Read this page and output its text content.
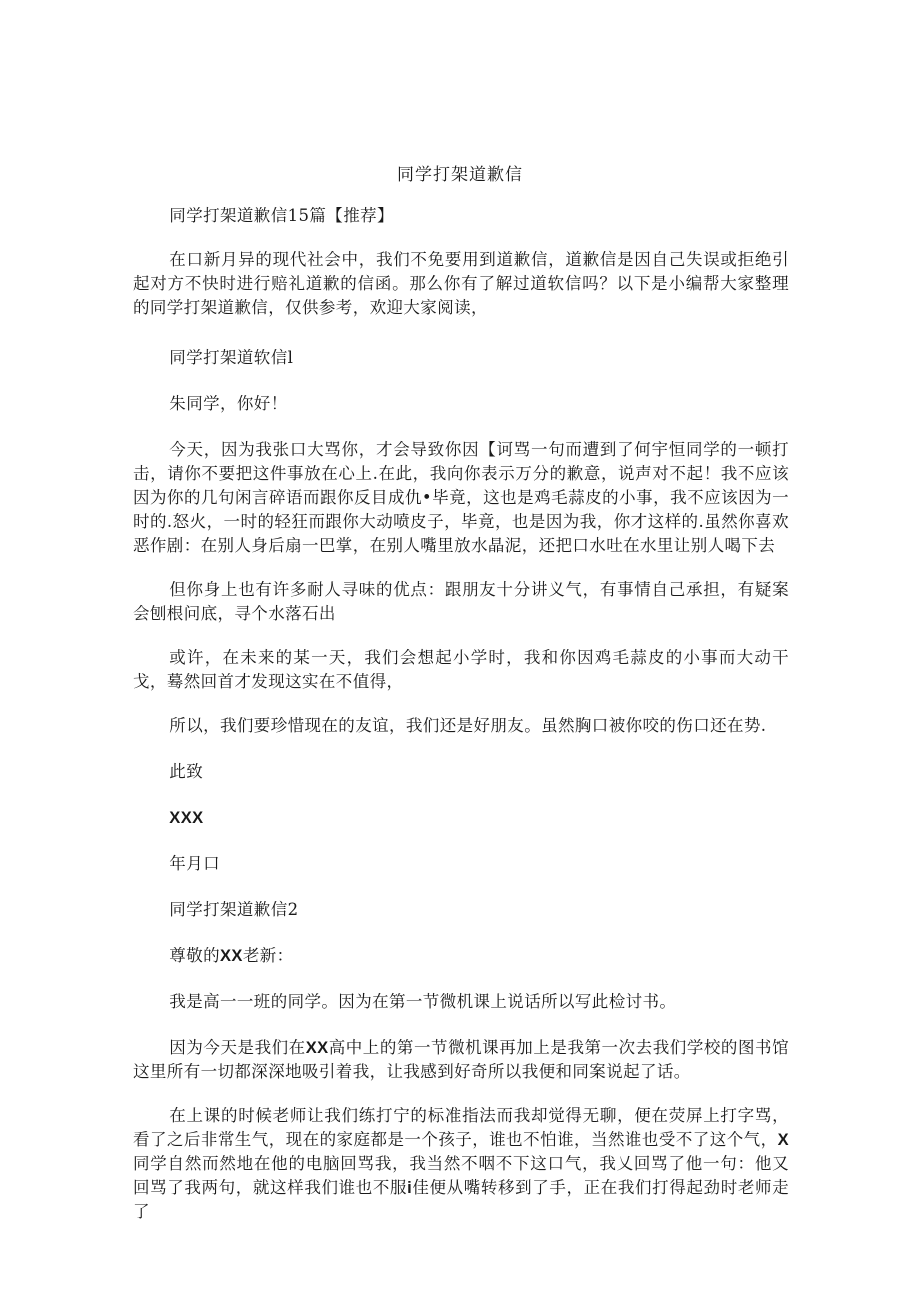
同学打架道歉信

同学打架道歉信15篇【推荐】

在口新月异的现代社会中，我们不免要用到道歉信，道歉信是因自己失误或拒绝引起对方不快时进行赔礼道歉的信函。那么你有了解过道软信吗？以下是小编帮大家整理的同学打架道歉信，仅供参考，欢迎大家阅读，

同学打架道软信l

朱同学，你好！

今天，因为我张口大骂你，才会导致你因【诃骂一句而遭到了何宇恒同学的一顿打击，请你不要把这件事放在心上.在此，我向你表示万分的歉意，说声对不起！我不应该因为你的几句闲言碎语而跟你反目成仇•毕竟，这也是鸡毛蒜皮的小事，我不应该因为一时的.怒火，一时的轻狂而跟你大动喷皮子，毕竟，也是因为我，你才这样的.虽然你喜欢恶作剧：在别人身后扇一巴掌，在别人嘴里放水晶泥，还把口水吐在水里让别人喝下去

但你身上也有许多耐人寻味的优点：跟朋友十分讲义气，有事情自己承担，有疑案会刨根问底，寻个水落石出

或许，在未来的某一天，我们会想起小学时，我和你因鸡毛蒜皮的小事而大动干戈，蓦然回首才发现这实在不值得，

所以，我们要珍惜现在的友谊，我们还是好朋友。虽然胸口被你咬的伤口还在势.

此致

XXX

年月口

同学打架道歉信2

尊敬的XX老新：

我是高一一班的同学。因为在第一节微机课上说话所以写此检讨书。

因为今天是我们在XX高中上的第一节微机课再加上是我第一次去我们学校的图书馆这里所有一切都深深地吸引着我，让我感到好奇所以我便和同案说起了话。

在上课的时候老师让我们练打宁的标准指法而我却觉得无聊，便在荧屏上打字骂，看了之后非常生气，现在的家庭都是一个孩子，谁也不怕谁，当然谁也受不了这个气，X同学自然而然地在他的电脑回骂我，我当然不咽不下这口气，我乂回骂了他一句：他又回骂了我两句，就这样我们谁也不服i佳便从嘴转移到了手，正在我们打得起劲时老师走了
